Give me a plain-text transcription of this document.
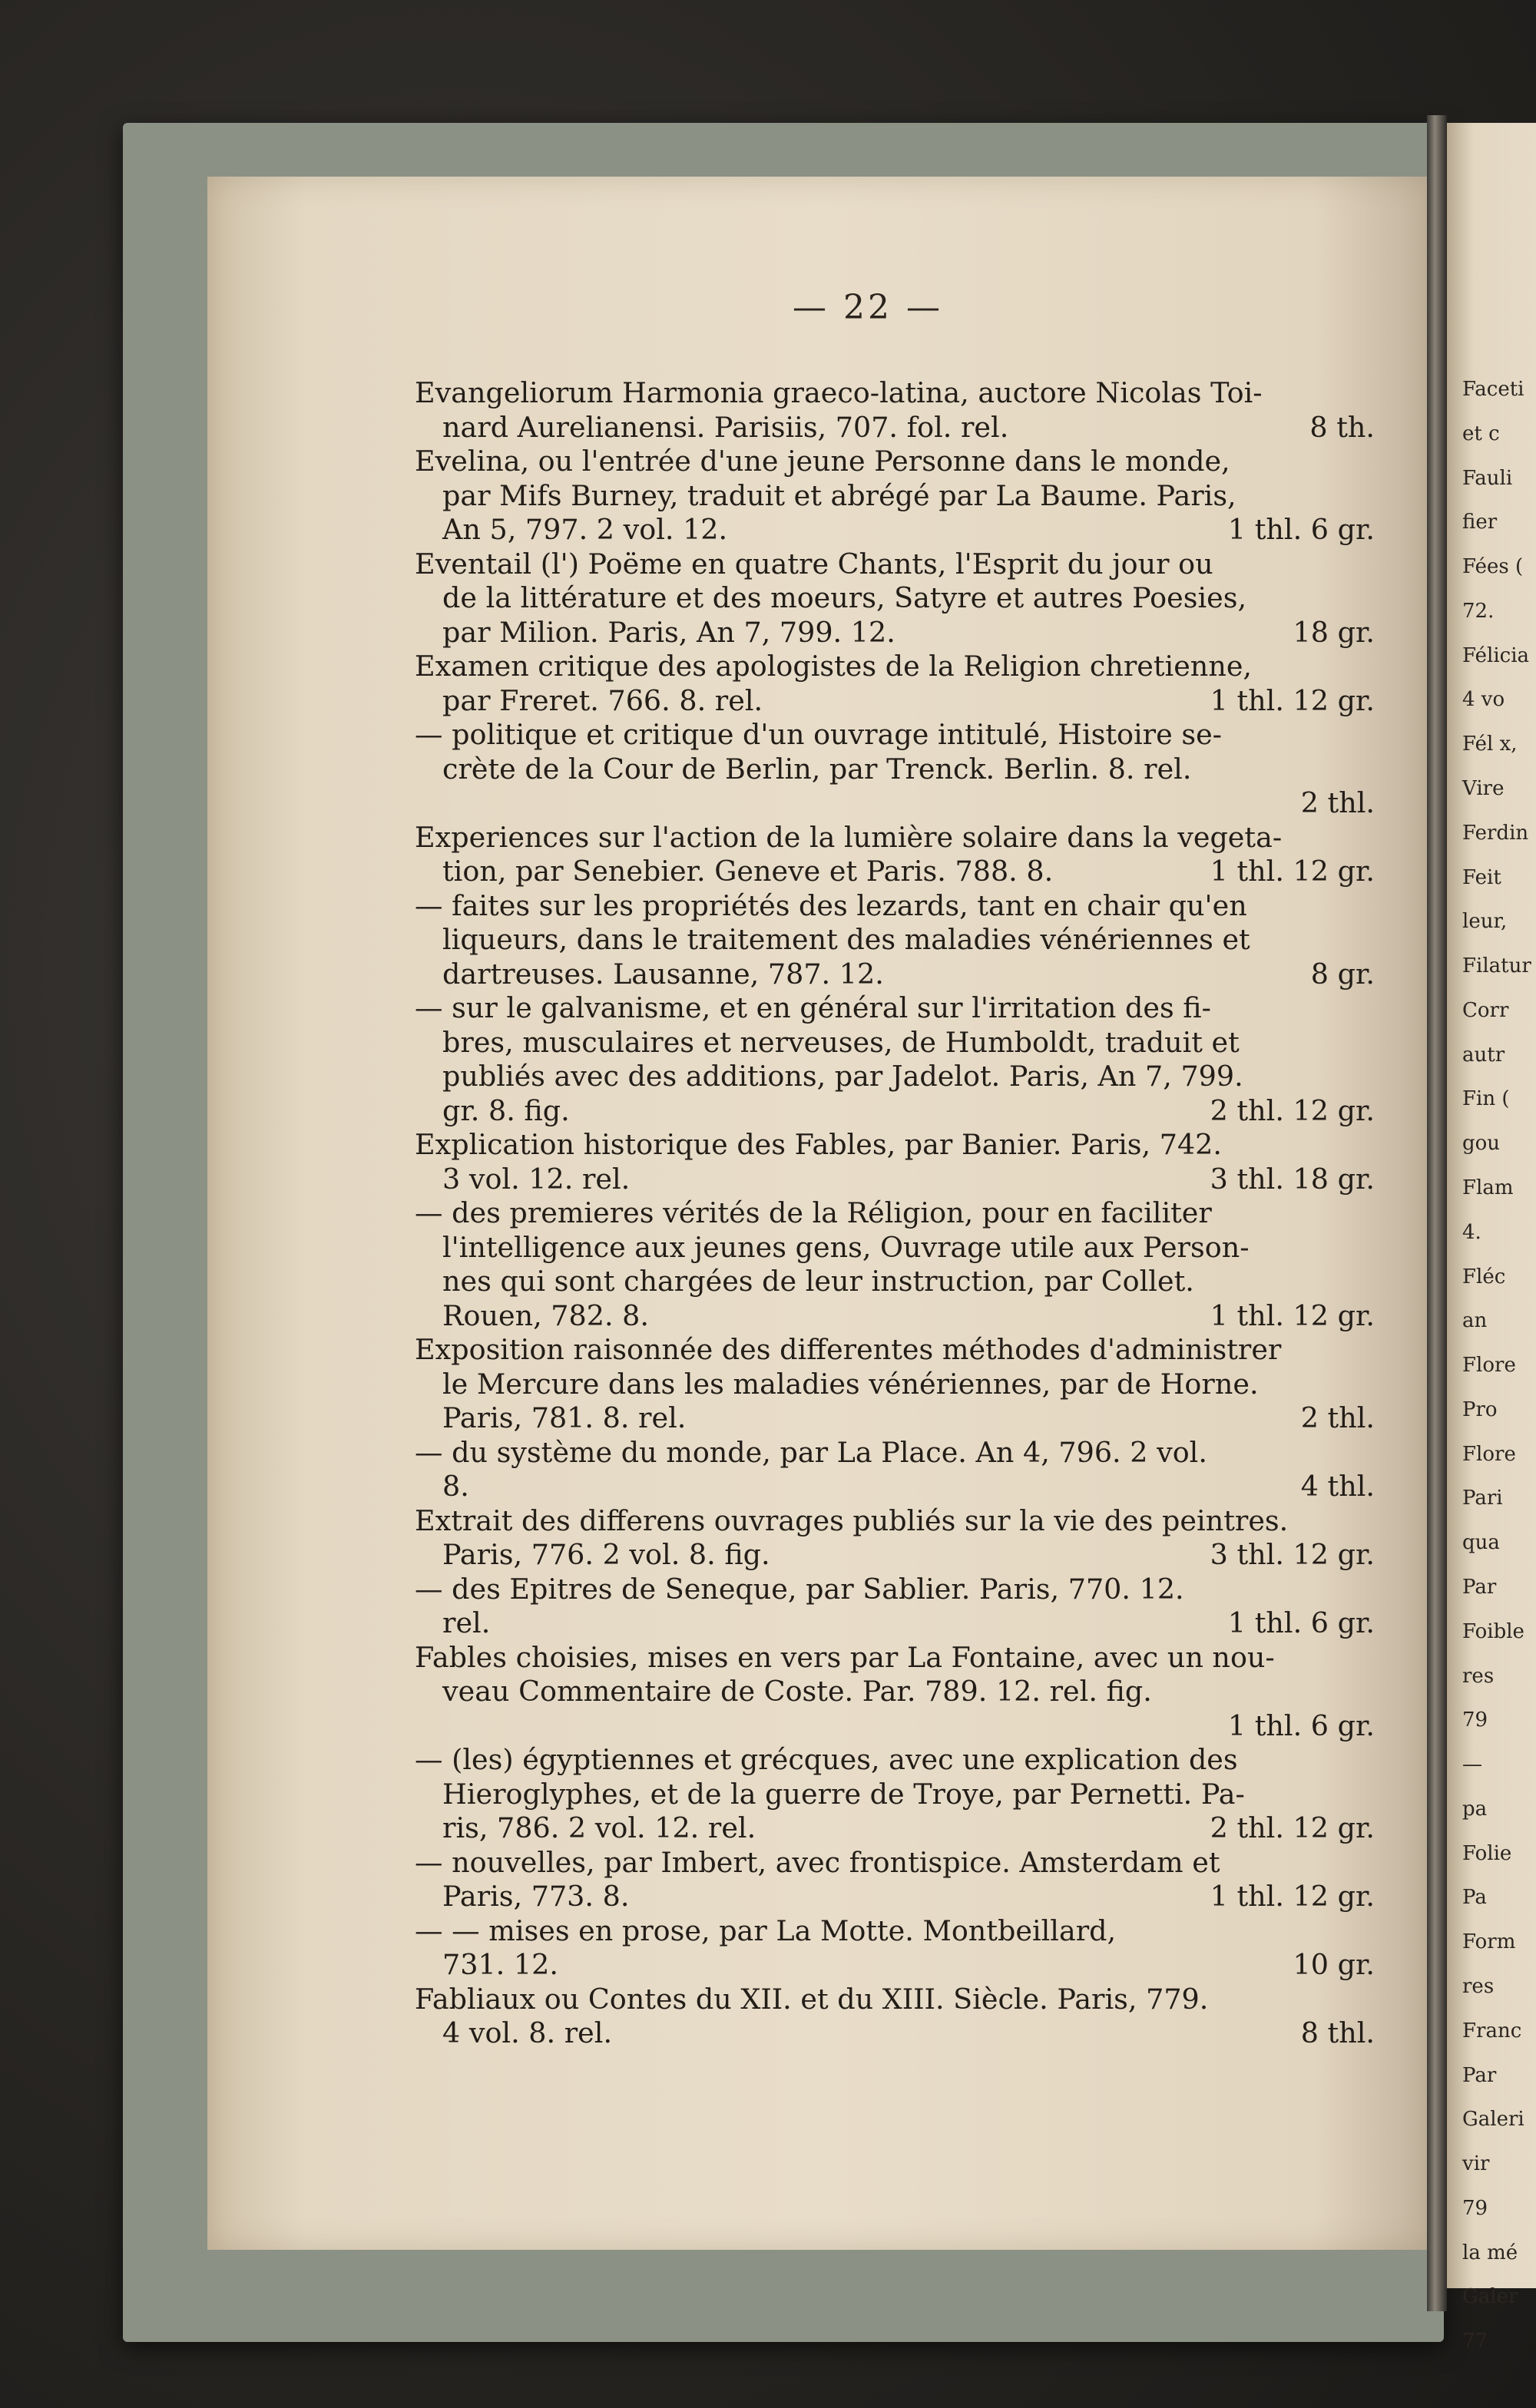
Faceti
et c
Fauli
fier
Fées (
72.
Félicia
4 vo
Fél x,
Vire
Ferdin
Feit
leur,
Filatur
Corr
autr
Fin (
gou
Flam
4.
Fléc
an
Flore
Pro
Flore
Pari
qua
Par
Foible
res
79
—
pa
Folie
Pa
Form
res
Franc
Par
Galeri
vir
79
la mé
Galer
77
— 22 —
Evangeliorum Harmonia graeco-latina, auctore Nicolas Toi-
nard Aurelianensi. Parisiis, 707. fol. rel.	8 th.
Evelina, ou l'entrée d'une jeune Personne dans le monde,
par Mifs Burney, traduit et abrégé par La Baume. Paris,
An 5, 797. 2 vol. 12.	1 thl. 6 gr.
Eventail (l') Poëme en quatre Chants, l'Esprit du jour ou
de la littérature et des moeurs, Satyre et autres Poesies,
par Milion. Paris, An 7, 799. 12.	18 gr.
Examen critique des apologistes de la Religion chretienne,
par Freret. 766. 8. rel.	1 thl. 12 gr.
— politique et critique d'un ouvrage intitulé, Histoire se-
crète de la Cour de Berlin, par Trenck. Berlin. 8. rel.
2 thl.
Experiences sur l'action de la lumière solaire dans la vegeta-
tion, par Senebier. Geneve et Paris. 788. 8.	1 thl. 12 gr.
— faites sur les propriétés des lezards, tant en chair qu'en
liqueurs, dans le traitement des maladies vénériennes et
dartreuses. Lausanne, 787. 12.	8 gr.
— sur le galvanisme, et en général sur l'irritation des fi-
bres, musculaires et nerveuses, de Humboldt, traduit et
publiés avec des additions, par Jadelot. Paris, An 7, 799.
gr. 8. fig.	2 thl. 12 gr.
Explication historique des Fables, par Banier. Paris, 742.
3 vol. 12. rel.	3 thl. 18 gr.
— des premieres vérités de la Réligion, pour en faciliter
l'intelligence aux jeunes gens, Ouvrage utile aux Person-
nes qui sont chargées de leur instruction, par Collet.
Rouen, 782. 8.	1 thl. 12 gr.
Exposition raisonnée des differentes méthodes d'administrer
le Mercure dans les maladies vénériennes, par de Horne.
Paris, 781. 8. rel.	2 thl.
— du système du monde, par La Place. An 4, 796. 2 vol.
8.	4 thl.
Extrait des differens ouvrages publiés sur la vie des peintres.
Paris, 776. 2 vol. 8. fig.	3 thl. 12 gr.
— des Epitres de Seneque, par Sablier. Paris, 770. 12.
rel.	1 thl. 6 gr.
Fables choisies, mises en vers par La Fontaine, avec un nou-
veau Commentaire de Coste. Par. 789. 12. rel. fig.
1 thl. 6 gr.
— (les) égyptiennes et grécques, avec une explication des
Hieroglyphes, et de la guerre de Troye, par Pernetti. Pa-
ris, 786. 2 vol. 12. rel.	2 thl. 12 gr.
— nouvelles, par Imbert, avec frontispice. Amsterdam et
Paris, 773. 8.	1 thl. 12 gr.
— — mises en prose, par La Motte. Montbeillard,
731. 12.	10 gr.
Fabliaux ou Contes du XII. et du XIII. Siècle. Paris, 779.
4 vol. 8. rel.	8 thl.
